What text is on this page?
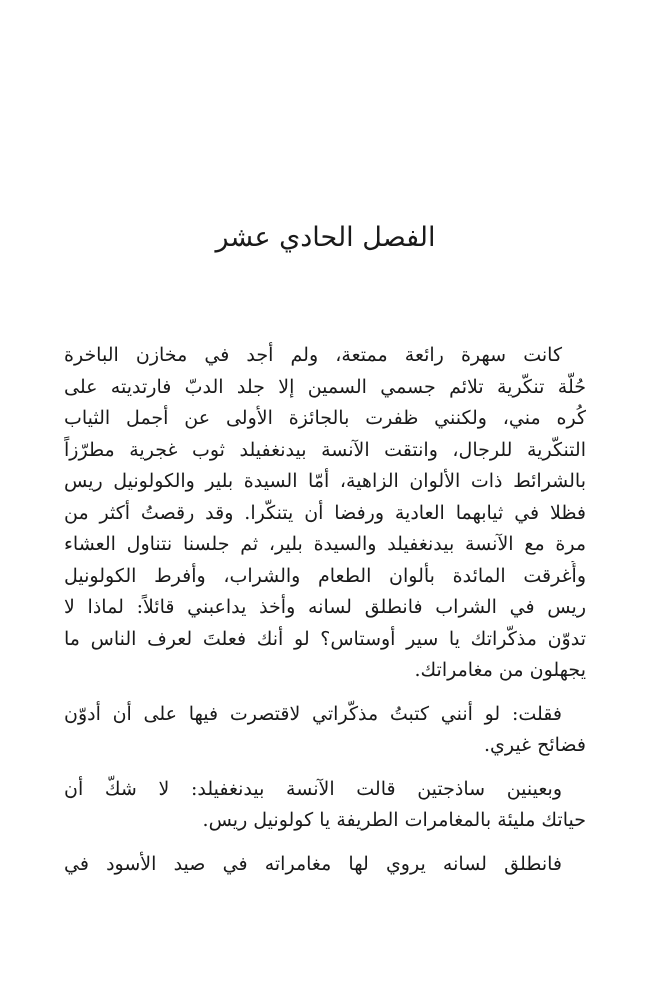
الفصل الحادي عشر

كانت سهرة رائعة ممتعة، ولم أجد في مخازن الباخرة
حُلّة تنكّرية تلائم جسمي السمين إلا جلد الدبّ فارتديته على
كُره مني، ولكنني ظفرت بالجائزة الأولى عن أجمل الثياب
التنكّرية للرجال، وانتقت الآنسة بيدنغفيلد ثوب غجرية مطرّزاً
بالشرائط ذات الألوان الزاهية، أمّا السيدة بلير والكولونيل ريس
فظلا في ثيابهما العادية ورفضا أن يتنكّرا. وقد رقصتُ أكثر من
مرة مع الآنسة بيدنغفيلد والسيدة بلير، ثم جلسنا نتناول العشاء
وأُغرقت المائدة بألوان الطعام والشراب، وأفرط الكولونيل
ريس في الشراب فانطلق لسانه وأخذ يداعبني قائلاً: لماذا لا
تدوّن مذكّراتك يا سير أوستاس؟ لو أنك فعلتَ لعرف الناس ما
يجهلون من مغامراتك.

فقلت: لو أنني كتبتُ مذكّراتي لاقتصرت فيها على أن أدوّن
فضائح غيري.

وبعينين ساذجتين قالت الآنسة بيدنغفيلد: لا شكّ أن
حياتك مليئة بالمغامرات الطريفة يا كولونيل ريس.

فانطلق لسانه يروي لها مغامراته في صيد الأسود في
